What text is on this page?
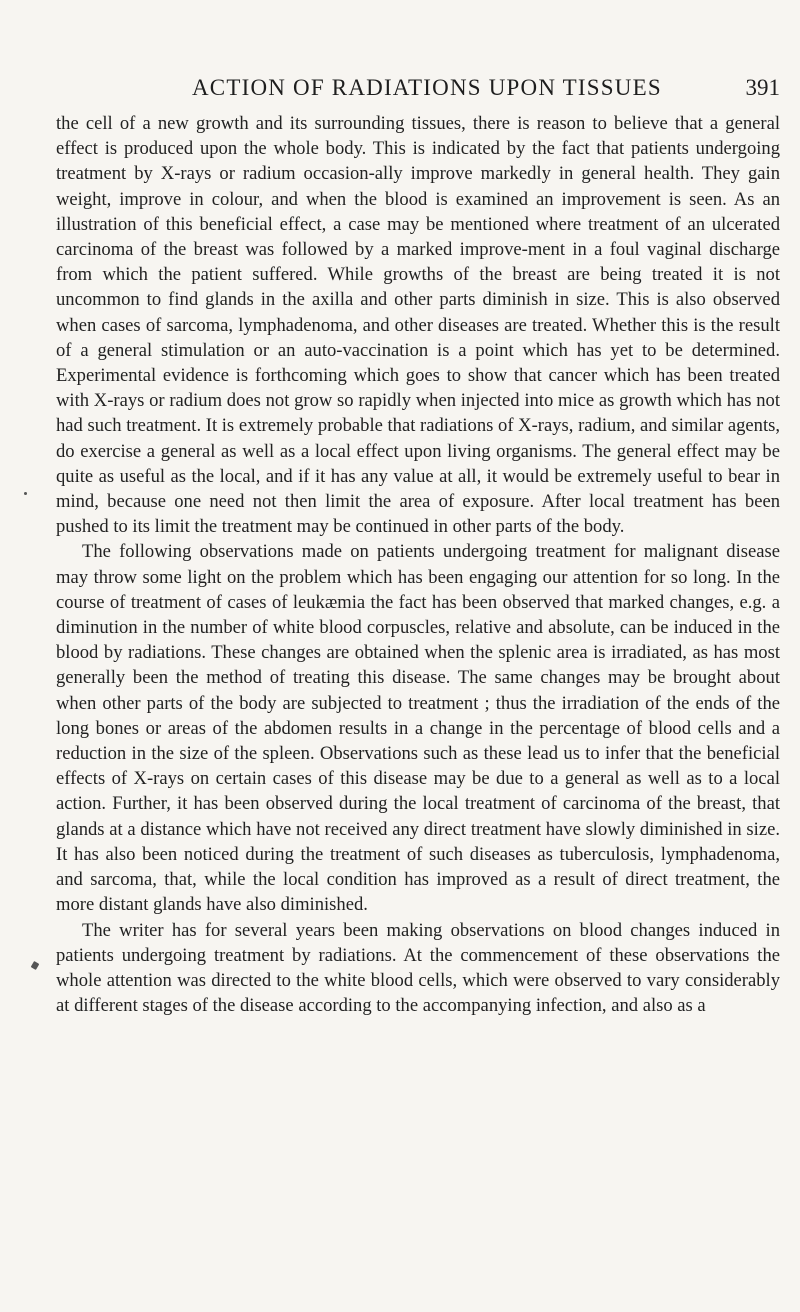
ACTION OF RADIATIONS UPON TISSUES	391

the cell of a new growth and its surrounding tissues, there is reason to believe that a general effect is produced upon the whole body. This is indicated by the fact that patients undergoing treatment by X-rays or radium occasion-ally improve markedly in general health. They gain weight, improve in colour, and when the blood is examined an improvement is seen. As an illustration of this beneficial effect, a case may be mentioned where treatment of an ulcerated carcinoma of the breast was followed by a marked improve-ment in a foul vaginal discharge from which the patient suffered. While growths of the breast are being treated it is not uncommon to find glands in the axilla and other parts diminish in size. This is also observed when cases of sarcoma, lymphadenoma, and other diseases are treated. Whether this is the result of a general stimulation or an auto-vaccination is a point which has yet to be determined. Experimental evidence is forthcoming which goes to show that cancer which has been treated with X-rays or radium does not grow so rapidly when injected into mice as growth which has not had such treatment. It is extremely probable that radiations of X-rays, radium, and similar agents, do exercise a general as well as a local effect upon living organisms. The general effect may be quite as useful as the local, and if it has any value at all, it would be extremely useful to bear in mind, because one need not then limit the area of exposure. After local treatment has been pushed to its limit the treatment may be continued in other parts of the body.

The following observations made on patients undergoing treatment for malignant disease may throw some light on the problem which has been engaging our attention for so long. In the course of treatment of cases of leukæmia the fact has been observed that marked changes, e.g. a diminution in the number of white blood corpuscles, relative and absolute, can be induced in the blood by radiations. These changes are obtained when the splenic area is irradiated, as has most generally been the method of treating this disease. The same changes may be brought about when other parts of the body are subjected to treatment ; thus the irradiation of the ends of the long bones or areas of the abdomen results in a change in the percentage of blood cells and a reduction in the size of the spleen. Observations such as these lead us to infer that the beneficial effects of X-rays on certain cases of this disease may be due to a general as well as to a local action. Further, it has been observed during the local treatment of carcinoma of the breast, that glands at a distance which have not received any direct treatment have slowly diminished in size. It has also been noticed during the treatment of such diseases as tuberculosis, lymphadenoma, and sarcoma, that, while the local condition has improved as a result of direct treatment, the more distant glands have also diminished.

The writer has for several years been making observations on blood changes induced in patients undergoing treatment by radiations. At the commencement of these observations the whole attention was directed to the white blood cells, which were observed to vary considerably at different stages of the disease according to the accompanying infection, and also as a
